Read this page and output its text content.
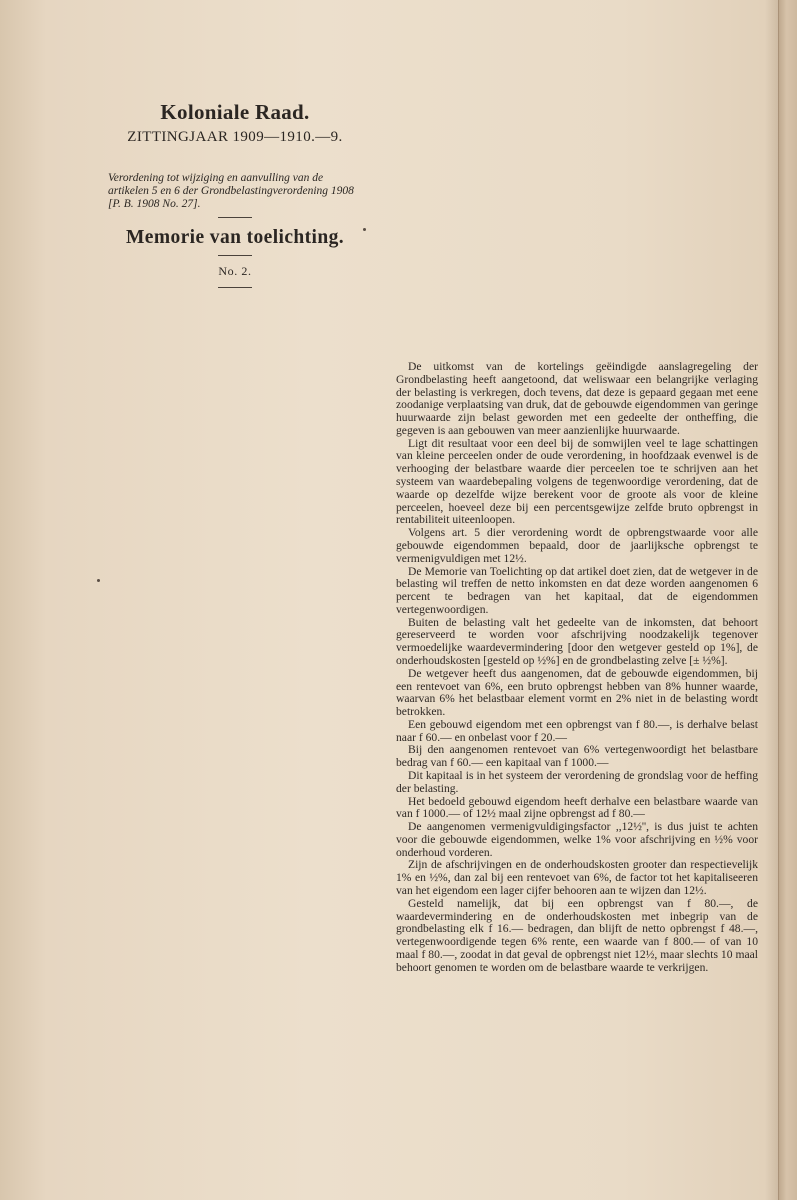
Koloniale Raad.
ZITTINGJAAR 1909—1910.—9.
Verordening tot wijziging en aanvulling van de artikelen 5 en 6 der Grondbelastingverordening 1908 [P. B. 1908 No. 27].
Memorie van toelichting.
No. 2.

De uitkomst van de kortelings geëindigde aanslagregeling der Grondbelasting heeft aangetoond, dat weliswaar een belangrijke verlaging der belasting is verkregen, doch tevens, dat deze is gepaard gegaan met eene zoodanige verplaatsing van druk, dat de gebouwde eigendommen van geringe huurwaarde zijn belast geworden met een gedeelte der ontheffing, die gegeven is aan gebouwen van meer aanzienlijke huurwaarde.

Ligt dit resultaat voor een deel bij de somwijlen veel te lage schattingen van kleine perceelen onder de oude verordening, in hoofdzaak evenwel is de verhooging der belastbare waarde dier perceelen toe te schrijven aan het systeem van waardebepaling volgens de tegenwoordige verordening, dat de waarde op dezelfde wijze berekent voor de groote als voor de kleine perceelen, hoeveel deze bij een percentsgewijze zelfde bruto opbrengst in rentabiliteit uiteenloopen.

Volgens art. 5 dier verordening wordt de opbrengstwaarde voor alle gebouwde eigendommen bepaald, door de jaarlijksche opbrengst te vermenigvuldigen met 12½.

De Memorie van Toelichting op dat artikel doet zien, dat de wetgever in de belasting wil treffen de netto inkomsten en dat deze worden aangenomen 6 percent te bedragen van het kapitaal, dat de eigendommen vertegenwoordigen.

Buiten de belasting valt het gedeelte van de inkomsten, dat behoort gereserveerd te worden voor afschrijving noodzakelijk tegenover vermoedelijke waardevermindering [door den wetgever gesteld op 1%], de onderhoudskosten [gesteld op ½%] en de grondbelasting zelve [± ½%].

De wetgever heeft dus aangenomen, dat de gebouwde eigendommen, bij een rentevoet van 6%, een bruto opbrengst hebben van 8% hunner waarde, waarvan 6% het belastbaar element vormt en 2% niet in de belasting wordt betrokken.

Een gebouwd eigendom met een opbrengst van f 80.—, is derhalve belast naar f 60.— en onbelast voor f 20.—

Bij den aangenomen rentevoet van 6% vertegenwoordigt het belastbare bedrag van f 60.— een kapitaal van f 1000.—

Dit kapitaal is in het systeem der verordening de grondslag voor de heffing der belasting.

Het bedoeld gebouwd eigendom heeft derhalve een belastbare waarde van van f 1000.— of 12½ maal zijne opbrengst ad f 80.—

De aangenomen vermenigvuldigingsfactor ,,12½'', is dus juist te achten voor die gebouwde eigendommen, welke 1% voor afschrijving en ½% voor onderhoud vorderen.

Zijn de afschrijvingen en de onderhoudskosten grooter dan respectievelijk 1% en ½%, dan zal bij een rentevoet van 6%, de factor tot het kapitaliseeren van het eigendom een lager cijfer behooren aan te wijzen dan 12½.

Gesteld namelijk, dat bij een opbrengst van f 80.—, de waardevermindering en de onderhoudskosten met inbegrip van de grondbelasting elk f 16.— bedragen, dan blijft de netto opbrengst f 48.—, vertegenwoordigende tegen 6% rente, een waarde van f 800.— of van 10 maal f 80.—, zoodat in dat geval de opbrengst niet 12½, maar slechts 10 maal behoort genomen te worden om de belastbare waarde te verkrijgen.
